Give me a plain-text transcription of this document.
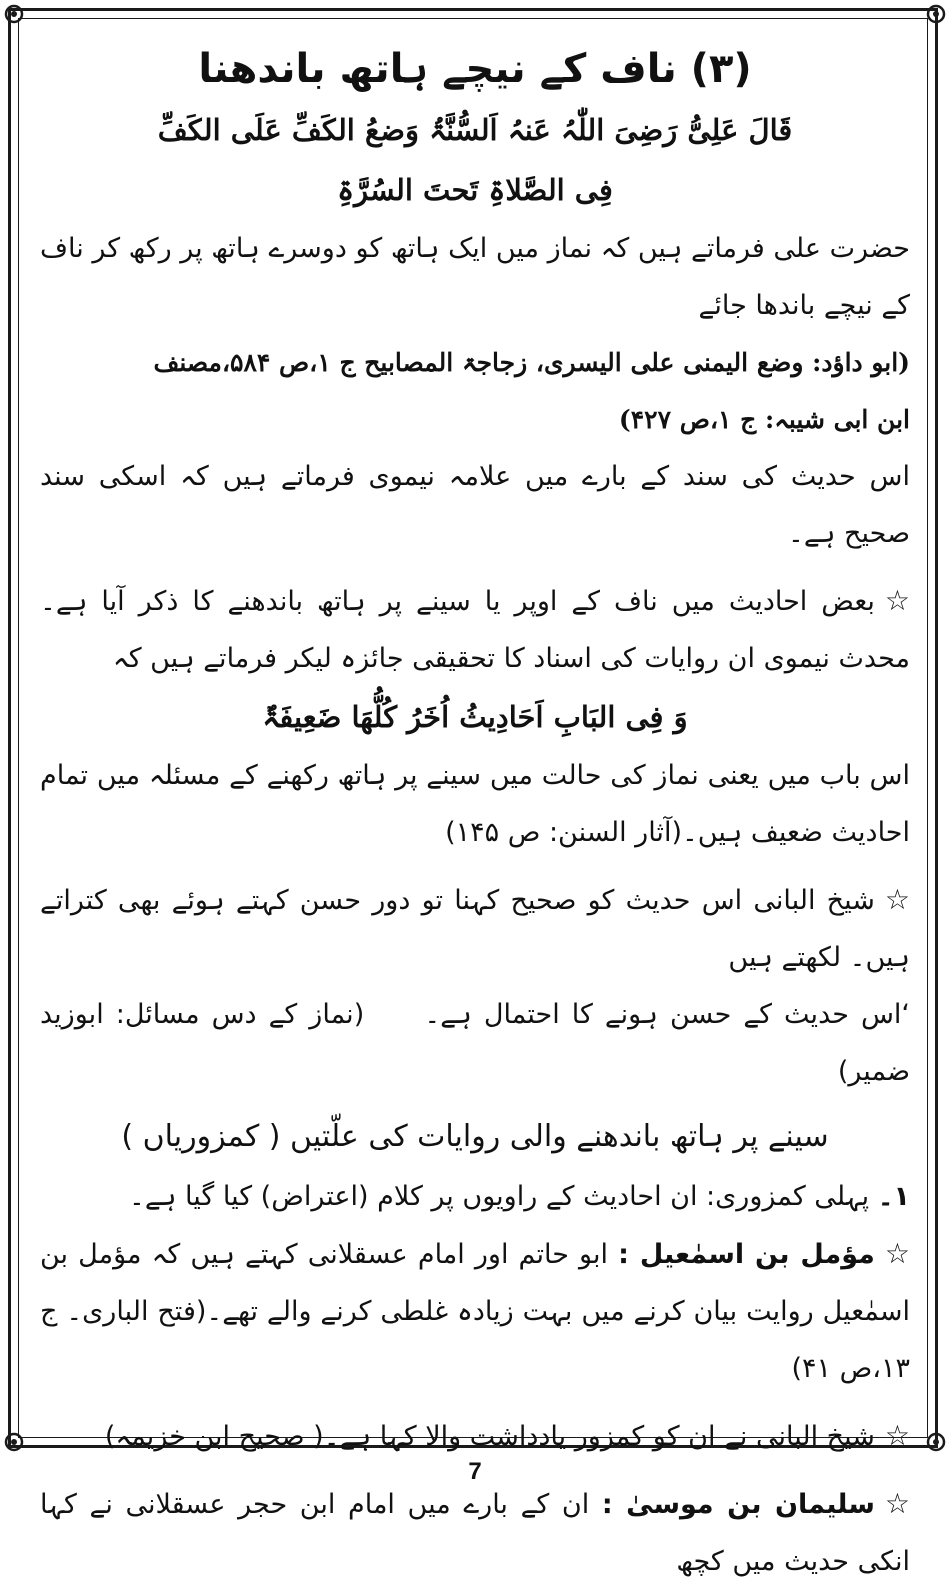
(۳) ناف کے نیچے ہاتھ باندھنا
قَالَ عَلِیُّ رَضِیَ اللّٰہُ عَنہُ اَلسُّنَّۃُ وَضعُ الکَفِّ عَلَی الکَفِّ
فِی الصَّلاۃِ تَحتَ السُرَّۃِ

حضرت علی فرماتے ہیں کہ نماز میں ایک ہاتھ کو دوسرے ہاتھ پر رکھ کر ناف کے نیچے باندھا جائے

(ابو داؤد: وضع الیمنی علی الیسری، زجاجۃ المصابیح ج ۱،ص ۵۸۴،مصنف

ابن ابی شیبہ: ج ۱،ص ۴۲۷)

اس حدیث کی سند کے بارے میں علامہ نیموی فرماتے ہیں کہ اسکی سند صحیح ہے۔

☆بعض احادیث میں ناف کے اوپر یا سینے پر ہاتھ باندھنے کا ذکر آیا ہے۔ محدث نیموی ان روایات کی اسناد کا تحقیقی جائزہ لیکر فرماتے ہیں کہ

وَ فِی البَابِ اَحَادِیثُ اُخَرُ کُلُّھَا ضَعِیفَۃٌ

اس باب میں یعنی نماز کی حالت میں سینے پر ہاتھ رکھنے کے مسئلہ میں تمام احادیث ضعیف ہیں۔(آثار السنن: ص ۱۴۵)

☆شیخ البانی اس حدیث کو صحیح کہنا تو دور حسن کہتے ہوئے بھی کتراتے ہیں۔ لکھتے ہیں

‘اس حدیث کے حسن ہونے کا احتمال ہے۔     (نماز کے دس مسائل: ابوزید ضمیر)

سینے پر ہاتھ باندھنے والی روایات کی علّتیں ( کمزوریاں )

۱۔ پہلی کمزوری: ان احادیث کے راویوں پر کلام (اعتراض) کیا گیا ہے۔

☆مؤمل بن اسمٰعیل : ابو حاتم اور امام عسقلانی کہتے ہیں کہ مؤمل بن اسمٰعیل روایت بیان کرنے میں بہت زیادہ غلطی کرنے والے تھے۔(فتح الباری۔ ج ۱۳،ص ۴۱)

☆شیخ البانی نے ان کو کمزور یادداشت والا کہا ہے۔( صحیح ابن خزیمہ)

☆سلیمان بن موسیٰ : ان کے بارے میں امام ابن حجر عسقلانی نے کہا انکی حدیث میں کچھ

7
